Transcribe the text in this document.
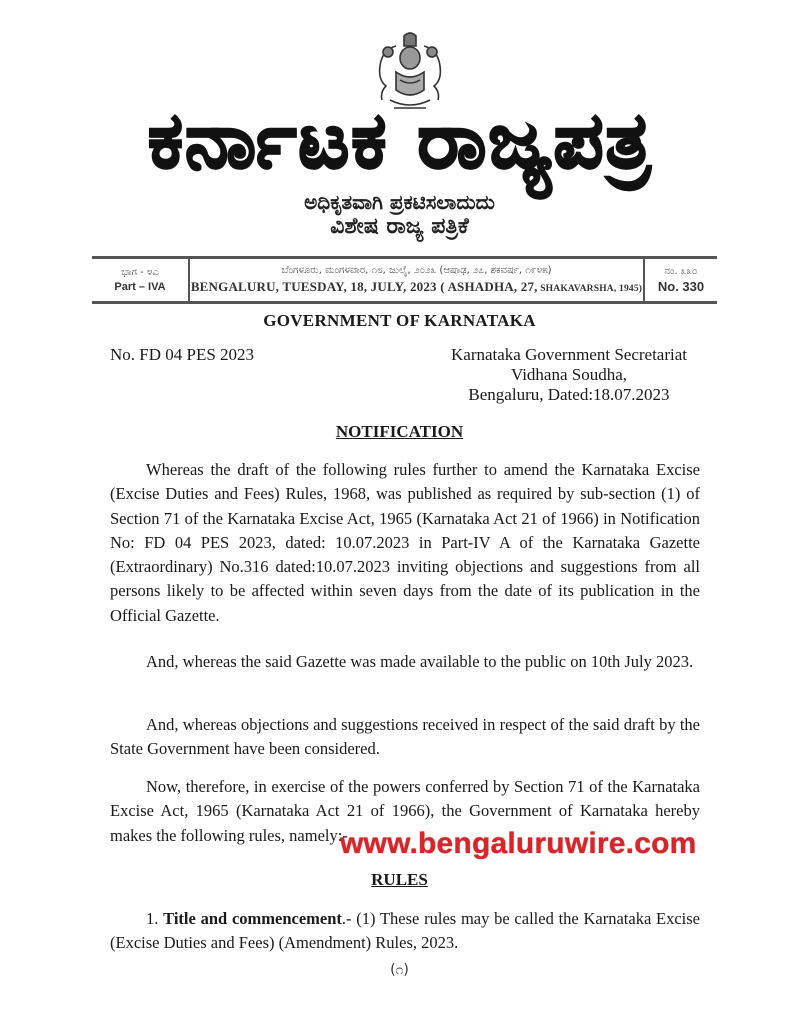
ಕರ್ನಾಟಕ ರಾಜ್ಯಪತ್ರ
ಅಧಿಕೃತವಾಗಿ ಪ್ರಕಟಿಸಲಾದುದು
ವಿಶೇಷ ರಾಜ್ಯ ಪತ್ರಿಕೆ
ಭಾಗ - ೪ಎ
Part – IVA
ಬೆಂಗಳೂರು, ಮಂಗಳವಾರ, ೧೮, ಜುಲೈ, ೨೦೨೩ (ಆಷಾಢ, ೨೭, ಶಕವರ್ಷ, ೧೯೪೫)
BENGALURU, TUESDAY, 18, JULY, 2023 ( ASHADHA, 27, SHAKAVARSHA, 1945)
ನಂ. ೩೩೦
No. 330
GOVERNMENT OF KARNATAKA
No. FD 04 PES 2023	Karnataka Government Secretariat
Vidhana Soudha,
Bengaluru, Dated:18.07.2023
NOTIFICATION
Whereas the draft of the following rules further to amend the Karnataka Excise (Excise Duties and Fees) Rules, 1968, was published as required by sub-section (1) of Section 71 of the Karnataka Excise Act, 1965 (Karnataka Act 21 of 1966) in Notification No: FD 04 PES 2023, dated: 10.07.2023 in Part-IV A of the Karnataka Gazette (Extraordinary) No.316 dated:10.07.2023 inviting objections and suggestions from all persons likely to be affected within seven days from the date of its publication in the Official Gazette.
And, whereas the said Gazette was made available to the public on 10th July 2023.
And, whereas objections and suggestions received in respect of the said draft by the State Government have been considered.
Now, therefore, in exercise of the powers conferred by Section 71 of the Karnataka Excise Act, 1965 (Karnataka Act 21 of 1966), the Government of Karnataka hereby makes the following rules, namely:-
www.bengaluruwire.com
RULES
1. Title and commencement.- (1) These rules may be called the Karnataka Excise (Excise Duties and Fees) (Amendment) Rules, 2023.
(೧)
